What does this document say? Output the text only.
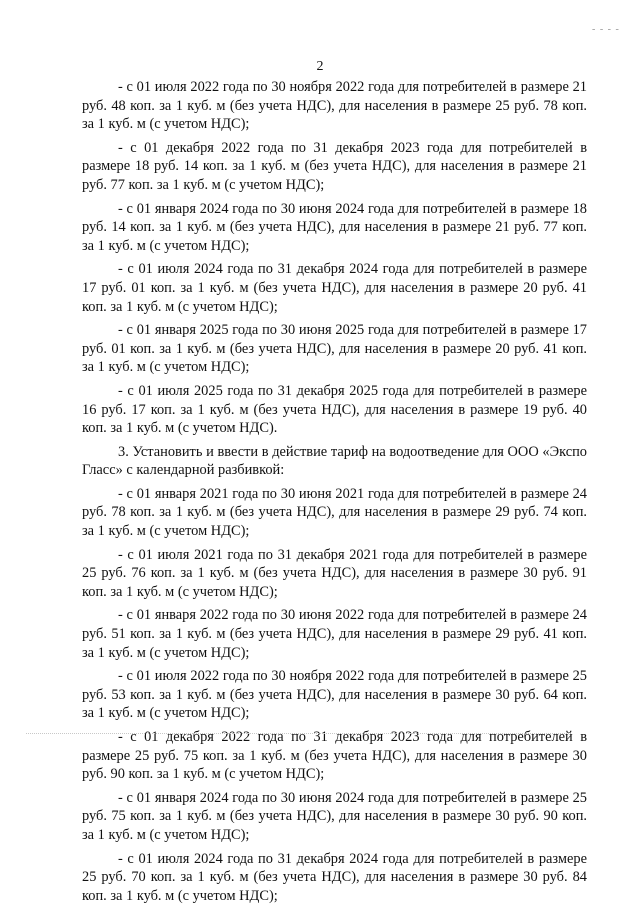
- - - -
2

- с 01 июля 2022 года по 30 ноября 2022 года для потребителей в размере 21 руб. 48 коп. за 1 куб. м (без учета НДС), для населения в размере 25 руб. 78 коп. за 1 куб. м (с учетом НДС);

- с 01 декабря 2022 года по 31 декабря 2023 года для потребителей в размере 18 руб. 14 коп. за 1 куб. м (без учета НДС), для населения в размере 21 руб. 77 коп. за 1 куб. м (с учетом НДС);

- с 01 января 2024 года по 30 июня 2024 года для потребителей в размере 18 руб. 14 коп. за 1 куб. м (без учета НДС), для населения в размере 21 руб. 77 коп. за 1 куб. м (с учетом НДС);

- с 01 июля 2024 года по 31 декабря 2024 года для потребителей в размере 17 руб. 01 коп. за 1 куб. м (без учета НДС), для населения в размере 20 руб. 41 коп. за 1 куб. м (с учетом НДС);

- с 01 января 2025 года по 30 июня 2025 года для потребителей в размере 17 руб. 01 коп. за 1 куб. м (без учета НДС), для населения в размере 20 руб. 41 коп. за 1 куб. м (с учетом НДС);

- с 01 июля 2025 года по 31 декабря 2025 года для потребителей в размере 16 руб. 17 коп. за 1 куб. м (без учета НДС), для населения в размере 19 руб. 40 коп. за 1 куб. м (с учетом НДС).

3. Установить и ввести в действие тариф на водоотведение для ООО «Экспо Гласс» с календарной разбивкой:

- с 01 января 2021 года по 30 июня 2021 года для потребителей в размере 24 руб. 78 коп. за 1 куб. м (без учета НДС), для населения в размере 29 руб. 74 коп. за 1 куб. м (с учетом НДС);

- с 01 июля 2021 года по 31 декабря 2021 года для потребителей в размере 25 руб. 76 коп. за 1 куб. м (без учета НДС), для населения в размере 30 руб. 91 коп. за 1 куб. м (с учетом НДС);

- с 01 января 2022 года по 30 июня 2022 года для потребителей в размере 24 руб. 51 коп. за 1 куб. м (без учета НДС), для населения в размере 29 руб. 41 коп. за 1 куб. м (с учетом НДС);

- с 01 июля 2022 года по 30 ноября 2022 года для потребителей в размере 25 руб. 53 коп. за 1 куб. м (без учета НДС), для населения в размере 30 руб. 64 коп. за 1 куб. м (с учетом НДС);

- с 01 декабря 2022 года по 31 декабря 2023 года для потребителей в размере 25 руб. 75 коп. за 1 куб. м (без учета НДС), для населения в размере 30 руб. 90 коп. за 1 куб. м (с учетом НДС);

- с 01 января 2024 года по 30 июня 2024 года для потребителей в размере 25 руб. 75 коп. за 1 куб. м (без учета НДС), для населения в размере 30 руб. 90 коп. за 1 куб. м (с учетом НДС);

- с 01 июля 2024 года по 31 декабря 2024 года для потребителей в размере 25 руб. 70 коп. за 1 куб. м (без учета НДС), для населения в размере 30 руб. 84 коп. за 1 куб. м (с учетом НДС);
